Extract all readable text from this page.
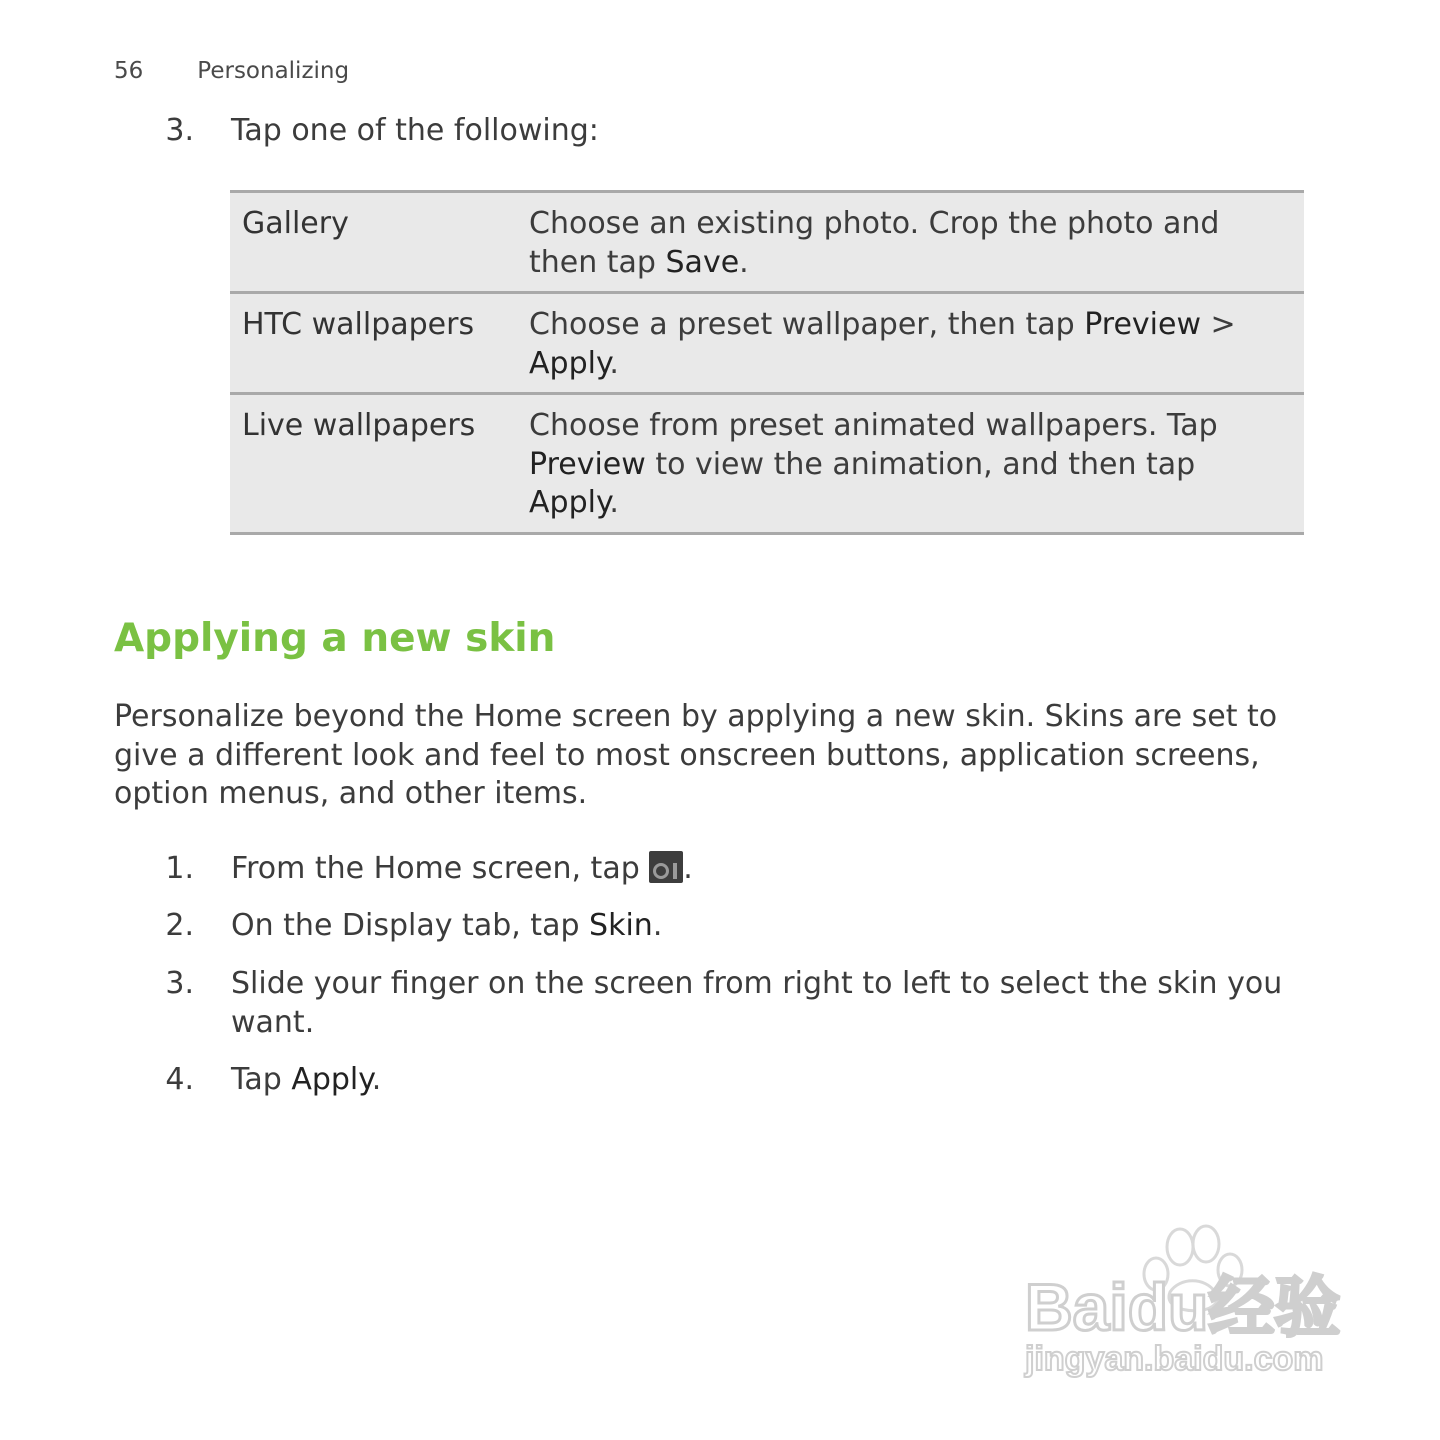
56 Personalizing
3.	Tap one of the following:
Gallery	Choose an existing photo. Crop the photo and then tap Save.
HTC wallpapers	Choose a preset wallpaper, then tap Preview > Apply.
Live wallpapers	Choose from preset animated wallpapers. Tap Preview to view the animation, and then tap Apply.
Applying a new skin

Personalize beyond the Home screen by applying a new skin. Skins are set to give a different look and feel to most onscreen buttons, application screens, option menus, and other items.

1.	From the Home screen, tap .
2.	On the Display tab, tap Skin.
3.	Slide your finger on the screen from right to left to select the skin you want.
4.	Tap Apply.
Baidu经验
jingyan.baidu.com
